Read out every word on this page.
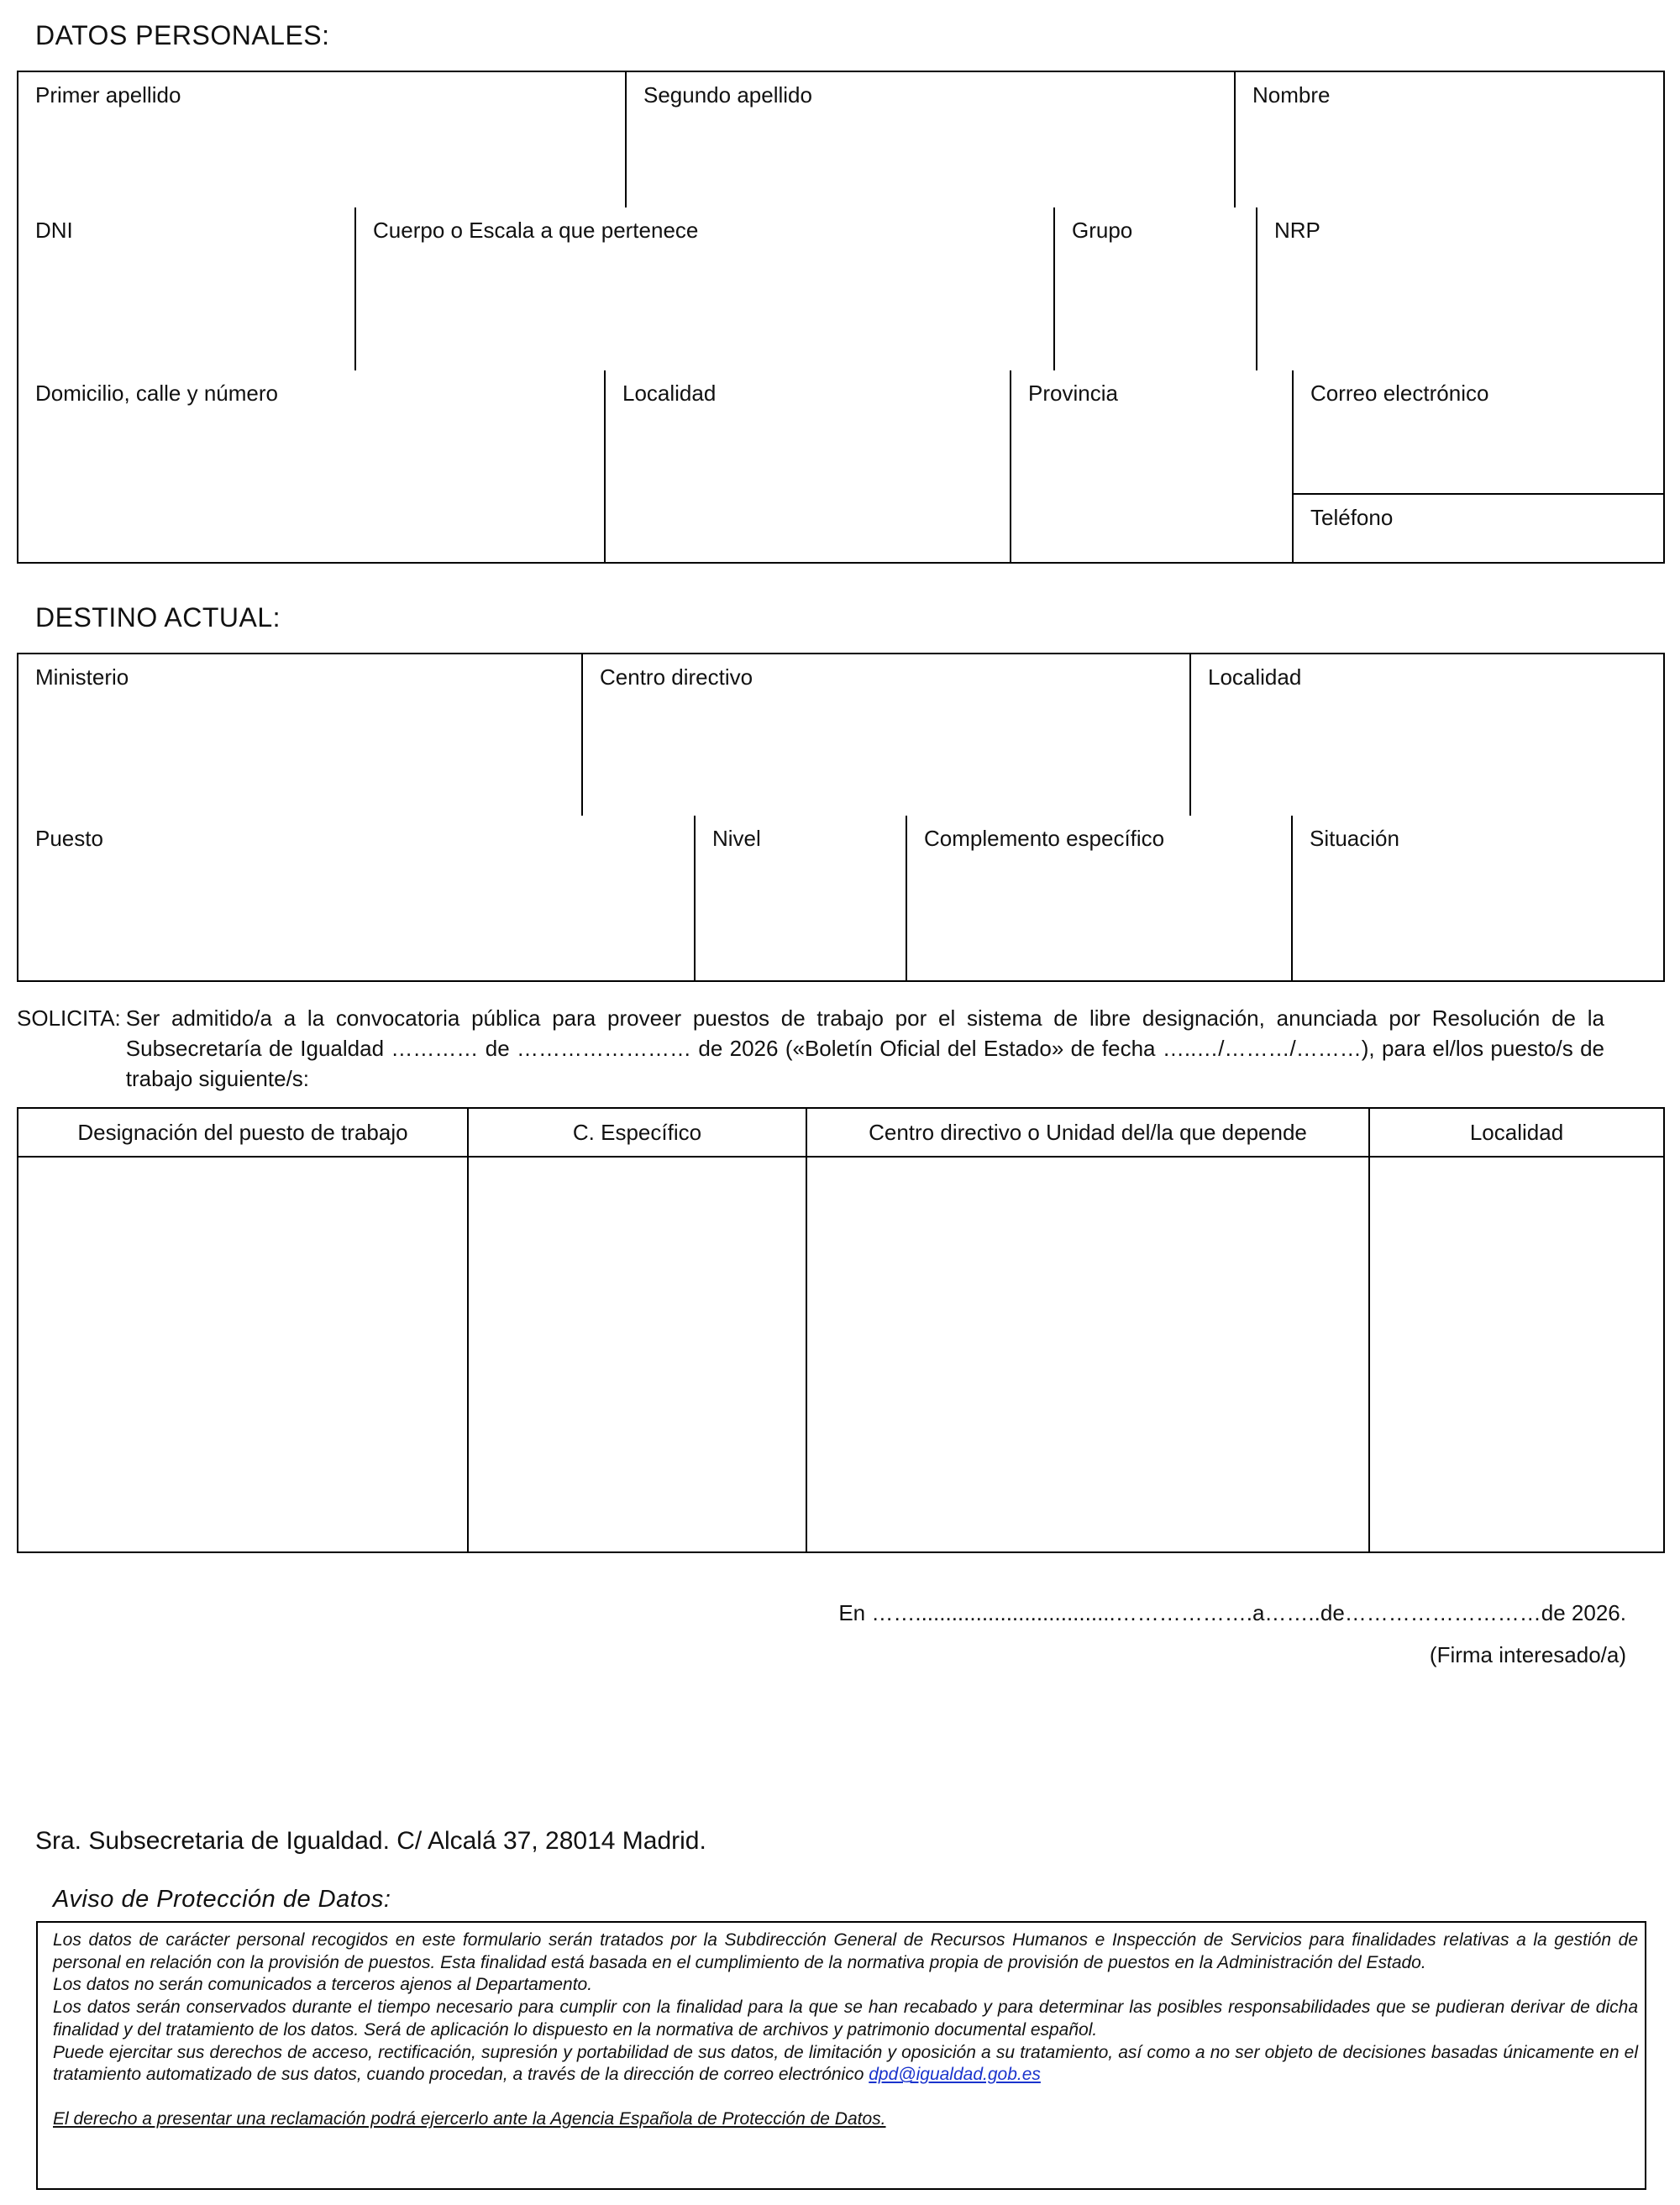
DATOS PERSONALES:
Primer apellido	Segundo apellido	Nombre
DNI	Cuerpo o Escala a que pertenece	Grupo	NRP
Domicilio, calle y número	Localidad	Provincia	Correo electrónico
Teléfono
DESTINO ACTUAL:
Ministerio	Centro directivo	Localidad
Puesto	Nivel	Complemento específico	Situación
SOLICITA: Ser admitido/a a la convocatoria pública para proveer puestos de trabajo por el sistema de libre designación, anunciada por Resolución de la Subsecretaría de Igualdad ………… de …………………… de 2026 («Boletín Oficial del Estado» de fecha …..…/………/………), para el/los puesto/s de trabajo siguiente/s:
Designación del puesto de trabajo	C. Específico	Centro directivo o Unidad del/la que depende	Localidad
En …….................................……………….a……..de………………………de 2026.
(Firma interesado/a)
Sra. Subsecretaria de Igualdad. C/ Alcalá 37, 28014 Madrid.
Aviso de Protección de Datos:

Los datos de carácter personal recogidos en este formulario serán tratados por la Subdirección General de Recursos Humanos e Inspección de Servicios para finalidades relativas a la gestión de personal en relación con la provisión de puestos. Esta finalidad está basada en el cumplimiento de la normativa propia de provisión de puestos en la Administración del Estado.

Los datos no serán comunicados a terceros ajenos al Departamento.

Los datos serán conservados durante el tiempo necesario para cumplir con la finalidad para la que se han recabado y para determinar las posibles responsabilidades que se pudieran derivar de dicha finalidad y del tratamiento de los datos. Será de aplicación lo dispuesto en la normativa de archivos y patrimonio documental español.

Puede ejercitar sus derechos de acceso, rectificación, supresión y portabilidad de sus datos, de limitación y oposición a su tratamiento, así como a no ser objeto de decisiones basadas únicamente en el tratamiento automatizado de sus datos, cuando procedan, a través de la dirección de correo electrónico dpd@igualdad.gob.es

El derecho a presentar una reclamación podrá ejercerlo ante la Agencia Española de Protección de Datos.
